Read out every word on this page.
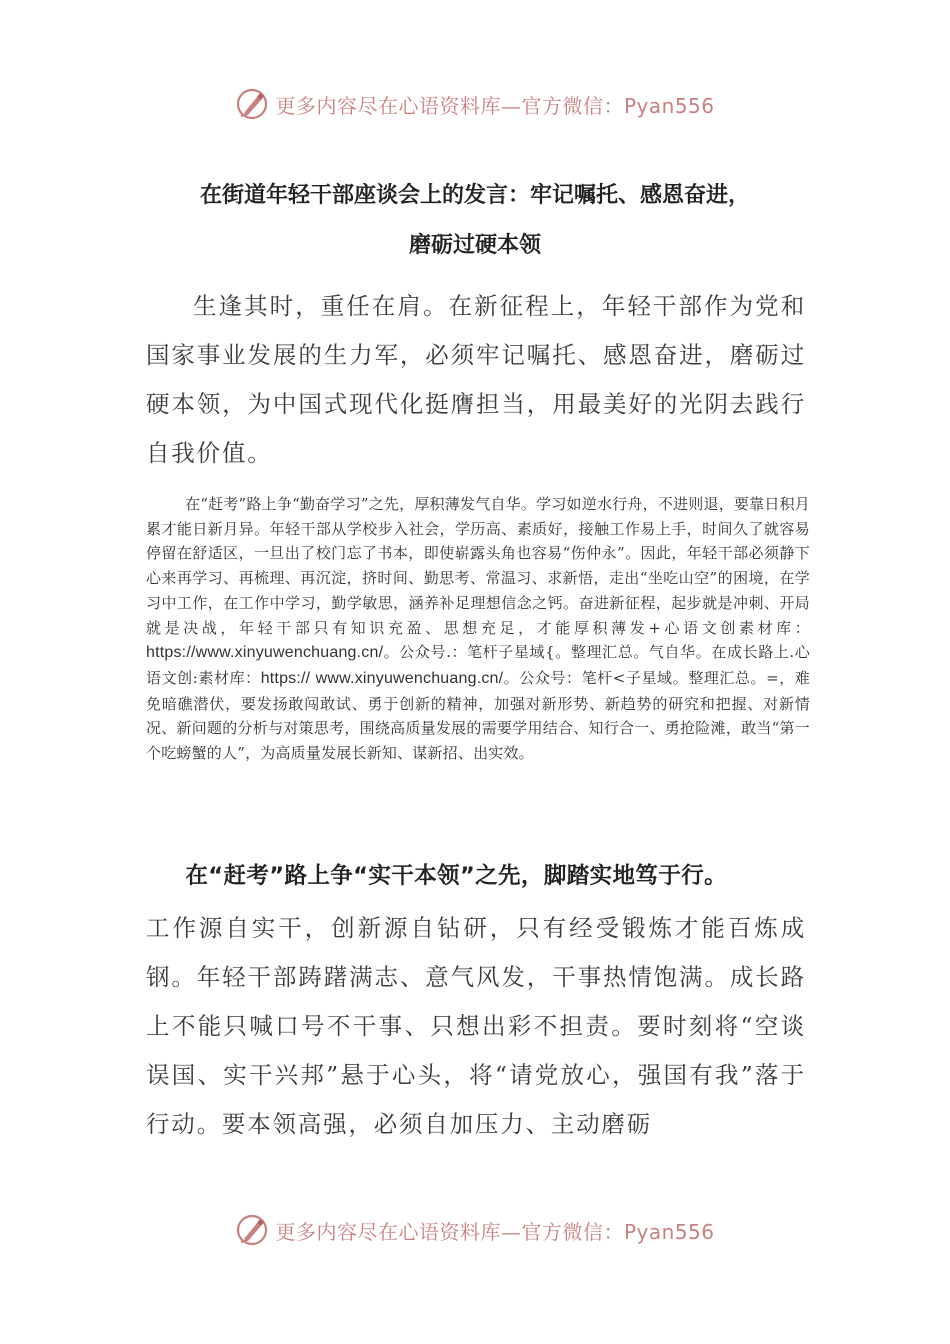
更多内容尽在心语资料库—官方微信：Pyan556
在街道年轻干部座谈会上的发言：牢记嘱托、感恩奋进，
磨砺过硬本领
生逢其时，重任在肩。在新征程上，年轻干部作为党和国家事业发展的生力军，必须牢记嘱托、感恩奋进，磨砺过硬本领，为中国式现代化挺膺担当，用最美好的光阴去践行自我价值。
在“赶考”路上争“勤奋学习”之先，厚积薄发气自华。学习如逆水行舟，不进则退，要靠日积月累才能日新月异。年轻干部从学校步入社会，学历高、素质好，接触工作易上手，时间久了就容易停留在舒适区，一旦出了校门忘了书本，即使崭露头角也容易“伤仲永”。因此，年轻干部必须静下心来再学习、再梳理、再沉淀，挤时间、勤思考、常温习、求新悟，走出“坐吃山空”的困境，在学习中工作，在工作中学习，勤学敏思，涵养补足理想信念之钙。奋进新征程，起步就是冲刺、开局就是决战，年轻干部只有知识充盈、思想充足，才能厚积薄发+心语文创素材库：https://www.xinyuwenchuang.cn/。公众号.：笔杆子星域{。整理汇总。气自华。在成长路上.心语文创:素材库：https:// www.xinyuwenchuang.cn/。公众号：笔杆<子星域。整理汇总。=，难免暗礁潜伏，要发扬敢闯敢试、勇于创新的精神，加强对新形势、新趋势的研究和把握、对新情况、新问题的分析与对策思考，围绕高质量发展的需要学用结合、知行合一、勇抢险滩，敢当“第一个吃螃蟹的人”，为高质量发展长新知、谋新招、出实效。
在“赶考”路上争“实干本领”之先，脚踏实地笃于行。
工作源自实干，创新源自钻研，只有经受锻炼才能百炼成钢。年轻干部踌躇满志、意气风发，干事热情饱满。成长路上不能只喊口号不干事、只想出彩不担责。要时刻将“空谈误国、实干兴邦”悬于心头，将“请党放心，强国有我”落于行动。要本领高强，必须自加压力、主动磨砺
更多内容尽在心语资料库—官方微信：Pyan556
